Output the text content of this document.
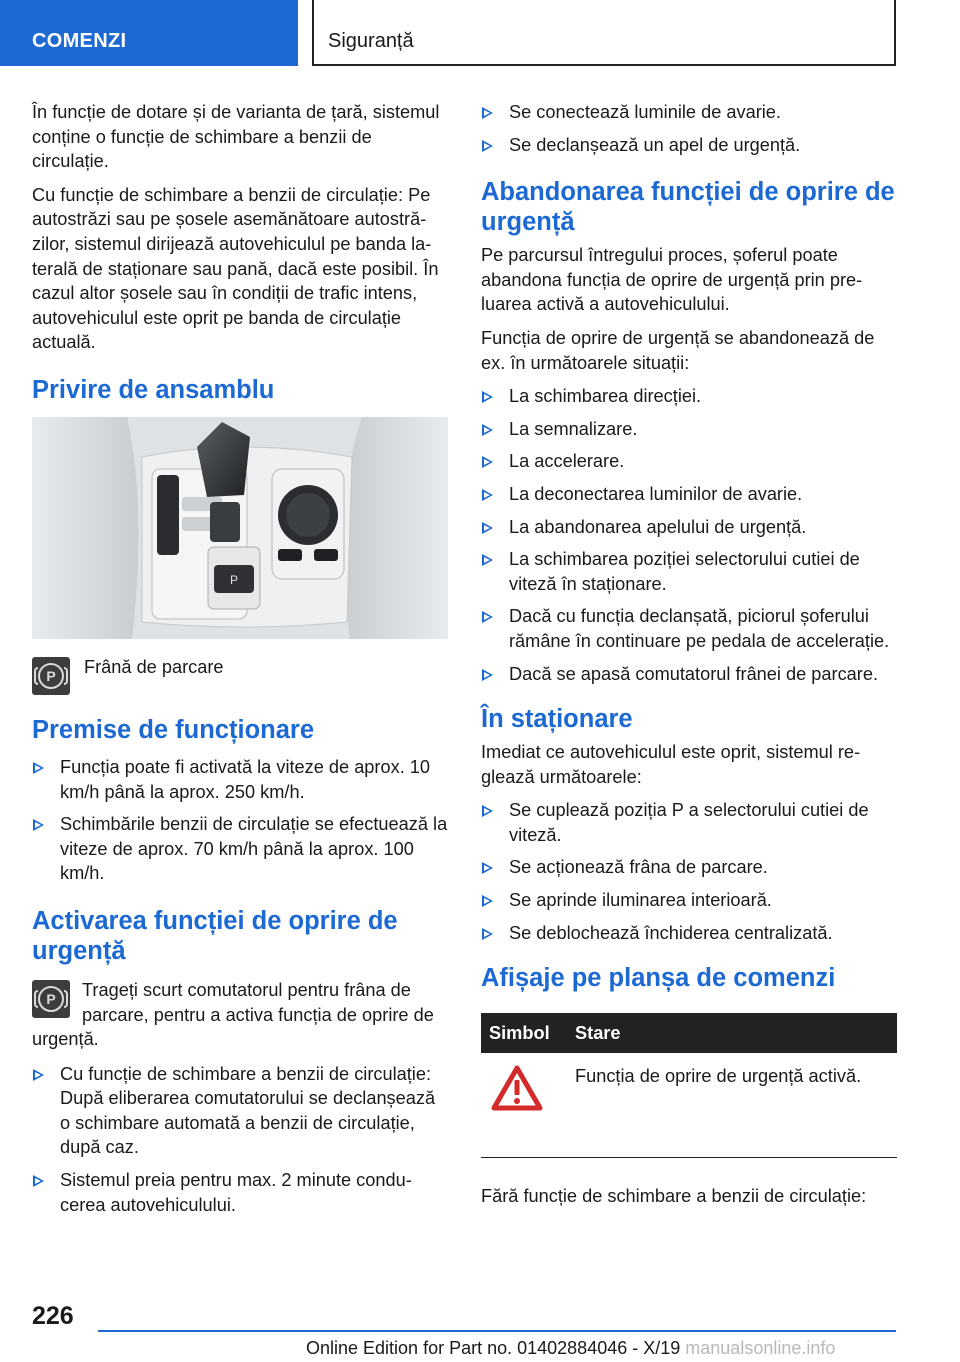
COMENZI	Siguranță

În funcție de dotare și de varianta de țară, sistemul conține o funcție de schimbare a benzii de circulație.

Cu funcție de schimbare a benzii de circulație: Pe autostrăzi sau pe șosele asemănătoare autostrăzilor, sistemul dirijează autovehiculul pe banda laterală de staționare sau pană, dacă este posibil. În cazul altor șosele sau în condiții de trafic intens, autovehiculul este oprit pe banda de circulație actuală.

Privire de ansamblu
P
P
Frână de parcare
Premise de funcționare
Funcția poate fi activată la viteze de aprox. 10 km/h până la aprox. 250 km/h.
Schimbările benzii de circulație se efectuează la viteze de aprox. 70 km/h până la aprox. 100 km/h.
Activarea funcției de oprire de urgență
P

Trageți scurt comutatorul pentru frâna de parcare, pentru a activa funcția de oprire de urgență.

Cu funcție de schimbare a benzii de circulație: După eliberarea comutatorului se declanșează o schimbare automată a benzii de circulație, după caz.
Sistemul preia pentru max. 2 minute conducerea autovehiculului.
Se conectează luminile de avarie.
Se declanșează un apel de urgență.
Abandonarea funcției de oprire de urgență

Pe parcursul întregului proces, șoferul poate abandona funcția de oprire de urgență prin preluarea activă a autovehiculului.

Funcția de oprire de urgență se abandonează de ex. în următoarele situații:

La schimbarea direcției.
La semnalizare.
La accelerare.
La deconectarea luminilor de avarie.
La abandonarea apelului de urgență.
La schimbarea poziției selectorului cutiei de viteză în staționare.
Dacă cu funcția declanșată, piciorul șoferului rămâne în continuare pe pedala de accelerație.
Dacă se apasă comutatorul frânei de parcare.
În staționare

Imediat ce autovehiculul este oprit, sistemul reglează următoarele:

Se cuplează poziția P a selectorului cutiei de viteză.
Se acționează frâna de parcare.
Se aprinde iluminarea interioară.
Se deblochează închiderea centralizată.
Afișaje pe planșa de comenzi
Simbol	Stare
	Funcția de oprire de urgență activă.

Fără funcție de schimbare a benzii de circulație:

226
Online Edition for Part no. 01402884046 - X/19 manualsonline.info
